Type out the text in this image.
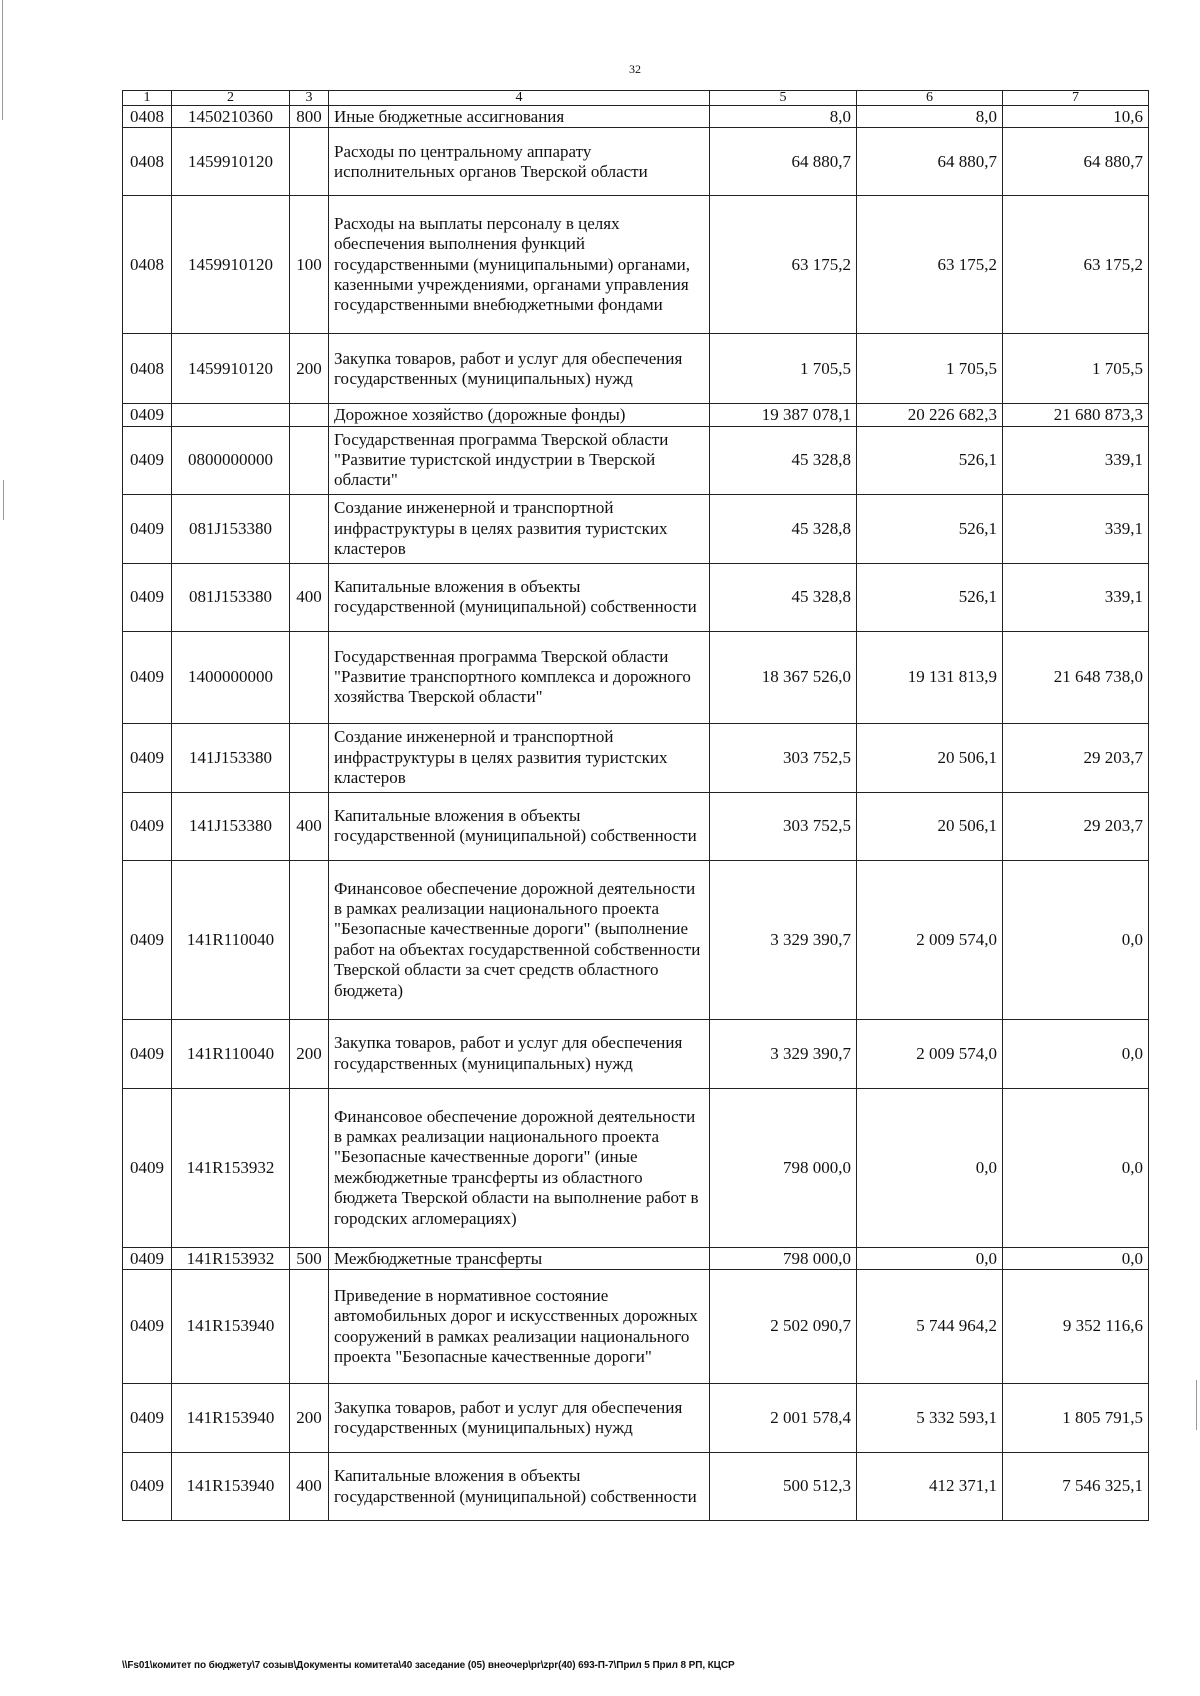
32
1	2	3	4	5	6	7
0408	1450210360	800	Иные бюджетные ассигнования	8,0	8,0	10,6
0408	1459910120		Расходы по центральному аппарату исполнительных органов Тверской области	64 880,7	64 880,7	64 880,7
0408	1459910120	100	Расходы на выплаты персоналу в целях обеспечения выполнения функций государственными (муниципальными) органами, казенными учреждениями, органами управления государственными внебюджетными фондами	63 175,2	63 175,2	63 175,2
0408	1459910120	200	Закупка товаров, работ и услуг для обеспечения государственных (муниципальных) нужд	1 705,5	1 705,5	1 705,5
0409			Дорожное хозяйство (дорожные фонды)	19 387 078,1	20 226 682,3	21 680 873,3
0409	0800000000		Государственная программа Тверской области "Развитие туристской индустрии в Тверской области"	45 328,8	526,1	339,1
0409	081J153380		Создание инженерной и транспортной инфраструктуры в целях развития туристских кластеров	45 328,8	526,1	339,1
0409	081J153380	400	Капитальные вложения в объекты государственной (муниципальной) собственности	45 328,8	526,1	339,1
0409	1400000000		Государственная программа Тверской области "Развитие транспортного комплекса и дорожного хозяйства Тверской области"	18 367 526,0	19 131 813,9	21 648 738,0
0409	141J153380		Создание инженерной и транспортной инфраструктуры в целях развития туристских кластеров	303 752,5	20 506,1	29 203,7
0409	141J153380	400	Капитальные вложения в объекты государственной (муниципальной) собственности	303 752,5	20 506,1	29 203,7
0409	141R110040		Финансовое обеспечение дорожной деятельности в рамках реализации национального проекта "Безопасные качественные дороги" (выполнение работ на объектах государственной собственности Тверской области за счет средств областного бюджета)	3 329 390,7	2 009 574,0	0,0
0409	141R110040	200	Закупка товаров, работ и услуг для обеспечения государственных (муниципальных) нужд	3 329 390,7	2 009 574,0	0,0
0409	141R153932		Финансовое обеспечение дорожной деятельности в рамках реализации национального проекта "Безопасные качественные дороги" (иные межбюджетные трансферты из областного бюджета Тверской области на выполнение работ в городских агломерациях)	798 000,0	0,0	0,0
0409	141R153932	500	Межбюджетные трансферты	798 000,0	0,0	0,0
0409	141R153940		Приведение в нормативное состояние автомобильных дорог и искусственных дорожных сооружений в рамках реализации национального проекта "Безопасные качественные дороги"	2 502 090,7	5 744 964,2	9 352 116,6
0409	141R153940	200	Закупка товаров, работ и услуг для обеспечения государственных (муниципальных) нужд	2 001 578,4	5 332 593,1	1 805 791,5
0409	141R153940	400	Капитальные вложения в объекты государственной (муниципальной) собственности	500 512,3	412 371,1	7 546 325,1
\\Fs01\комитет по бюджету\7 созыв\Документы комитета\40 заседание (05) внеочер\pr\zpr(40) 693-П-7\Прил 5 Прил 8 РП, КЦСР
